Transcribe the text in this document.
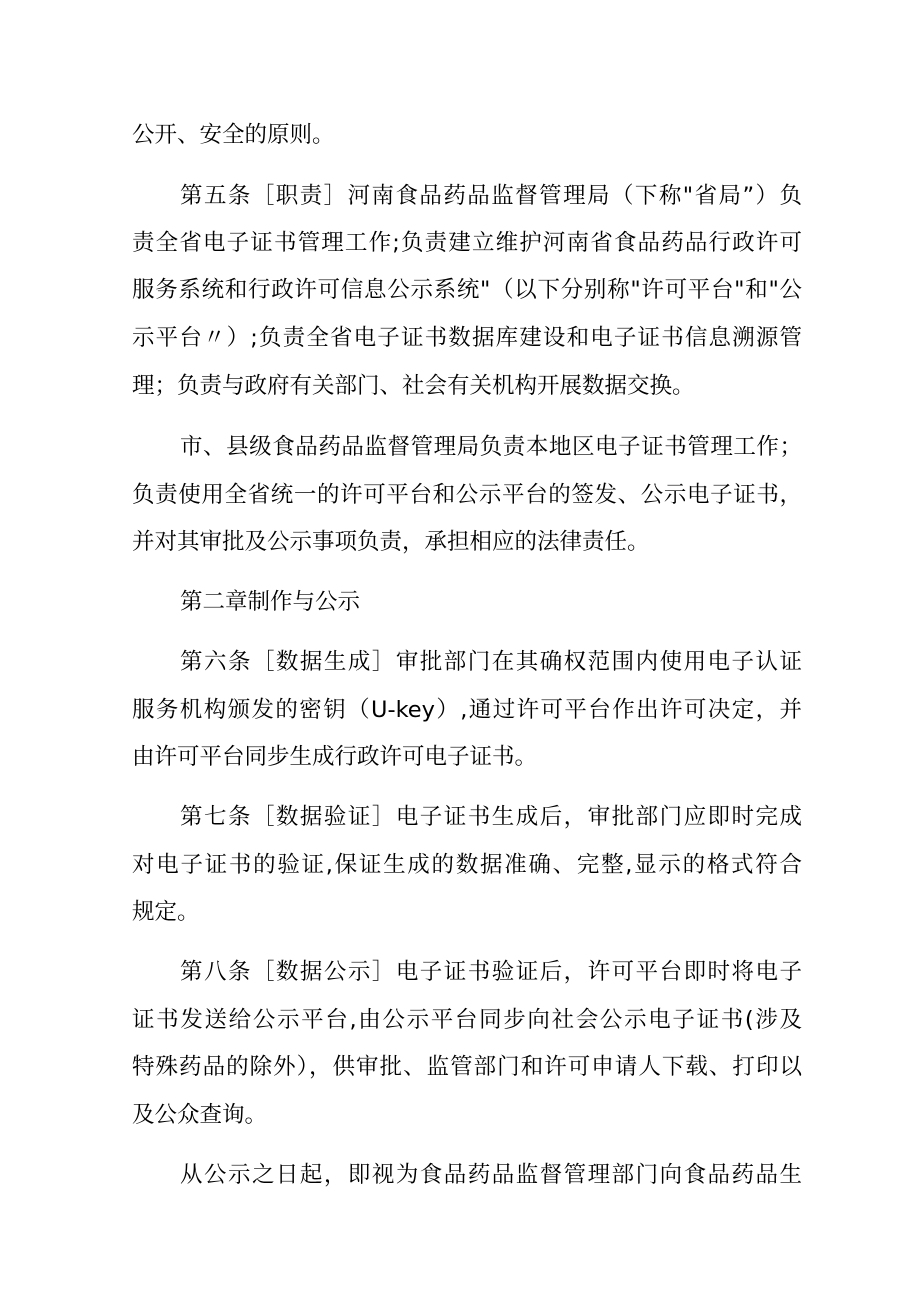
公开、安全的原则。
第五条［职责］河南食品药品监督管理局（下称"省局”）负
责全省电子证书管理工作;负责建立维护河南省食品药品行政许可
服务系统和行政许可信息公示系统"（以下分别称"许可平台"和"公
示平台〃）;负责全省电子证书数据库建设和电子证书信息溯源管
理；负责与政府有关部门、社会有关机构开展数据交换。
市、县级食品药品监督管理局负责本地区电子证书管理工作；
负责使用全省统一的许可平台和公示平台的签发、公示电子证书，
并对其审批及公示事项负责，承担相应的法律责任。
第二章制作与公示
第六条［数据生成］审批部门在其确权范围内使用电子认证
服务机构颁发的密钥（U-key）,通过许可平台作出许可决定，并
由许可平台同步生成行政许可电子证书。
第七条［数据验证］电子证书生成后，审批部门应即时完成
对电子证书的验证,保证生成的数据准确、完整,显示的格式符合
规定。
第八条［数据公示］电子证书验证后，许可平台即时将电子
证书发送给公示平台,由公示平台同步向社会公示电子证书(涉及
特殊药品的除外），供审批、监管部门和许可申请人下载、打印以
及公众查询。
从公示之日起，即视为食品药品监督管理部门向食品药品生
